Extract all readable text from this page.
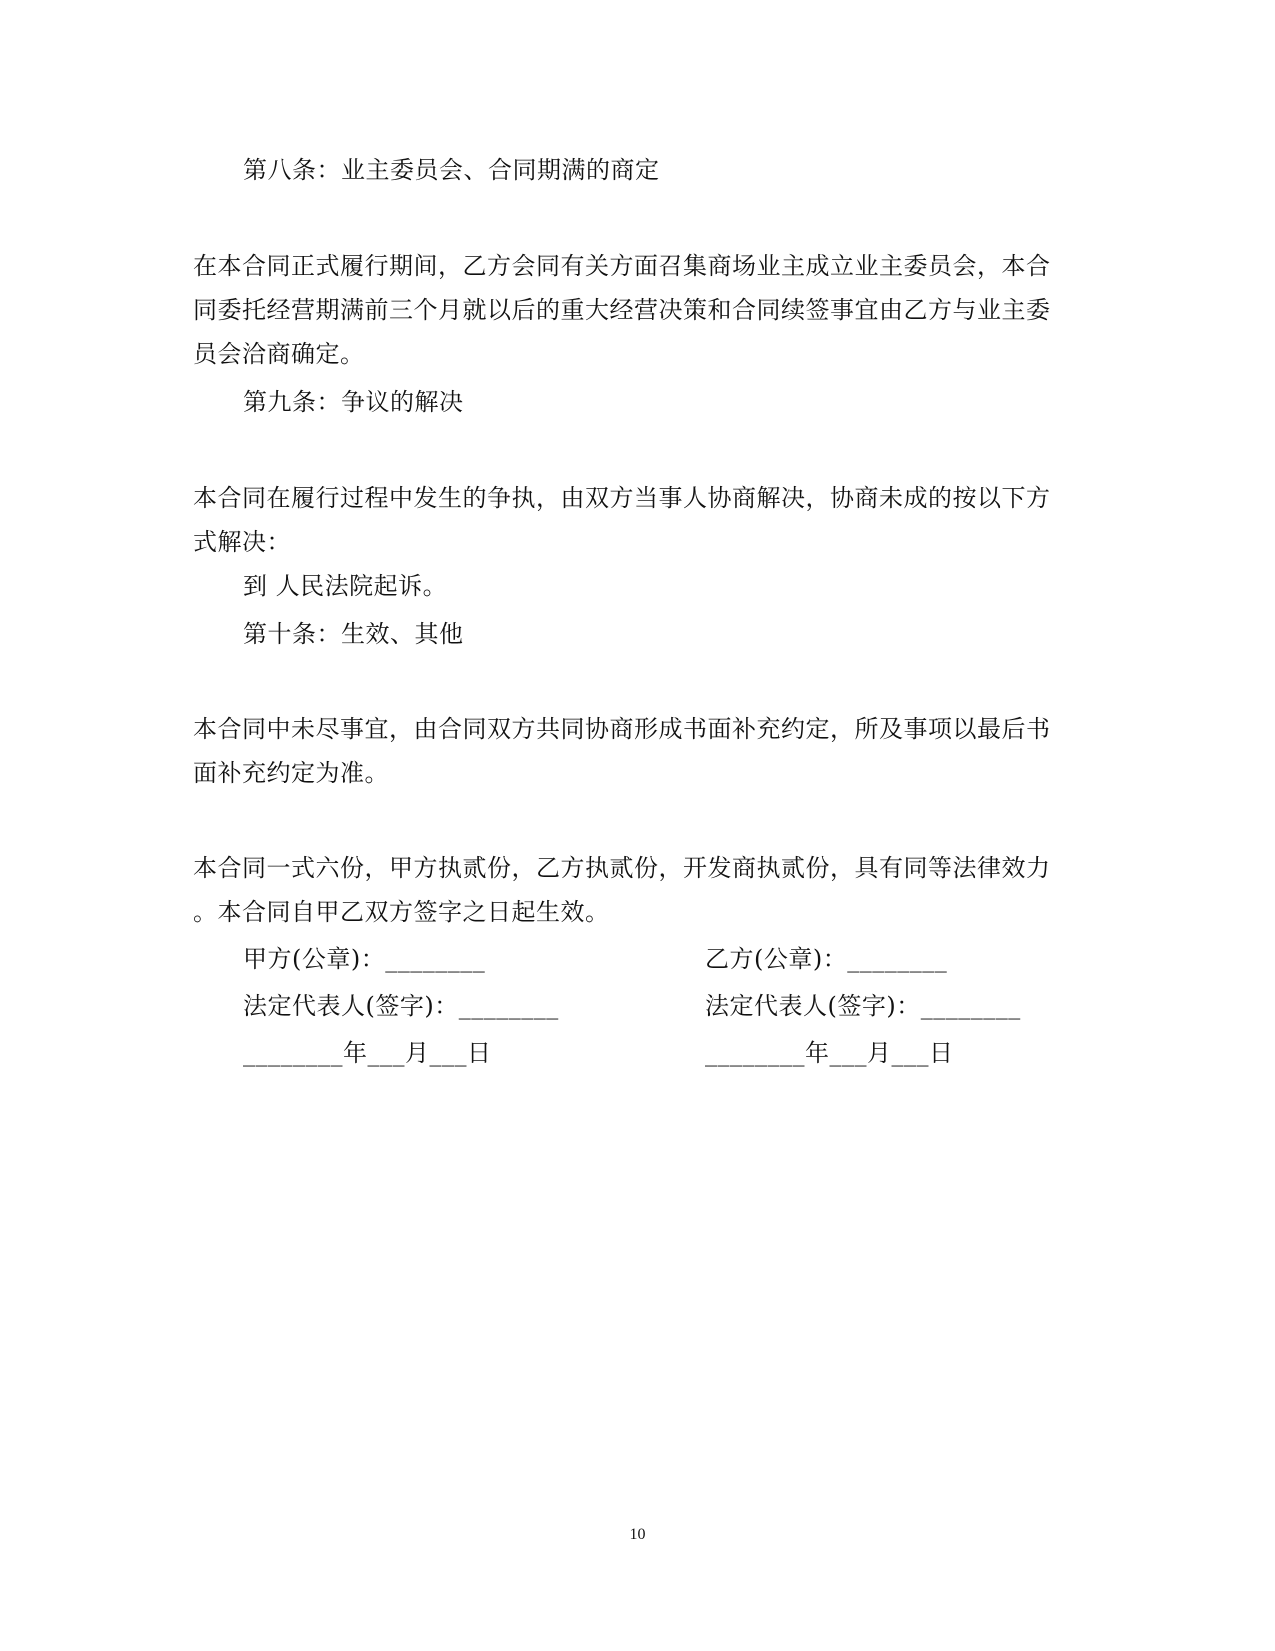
第八条：业主委员会、合同期满的商定
在本合同正式履行期间，乙方会同有关方面召集商场业主成立业主委员会，本合
同委托经营期满前三个月就以后的重大经营决策和合同续签事宜由乙方与业主委
员会洽商确定。
第九条：争议的解决
本合同在履行过程中发生的争执，由双方当事人协商解决，协商未成的按以下方
式解决：
到 人民法院起诉。
第十条：生效、其他
本合同中未尽事宜，由合同双方共同协商形成书面补充约定，所及事项以最后书
面补充约定为准。
本合同一式六份，甲方执贰份，乙方执贰份，开发商执贰份，具有同等法律效力
。本合同自甲乙双方签字之日起生效。
甲方(公章)：________	乙方(公章)：________
法定代表人(签字)：________	法定代表人(签字)：________
________年___月___日	________年___月___日
10
